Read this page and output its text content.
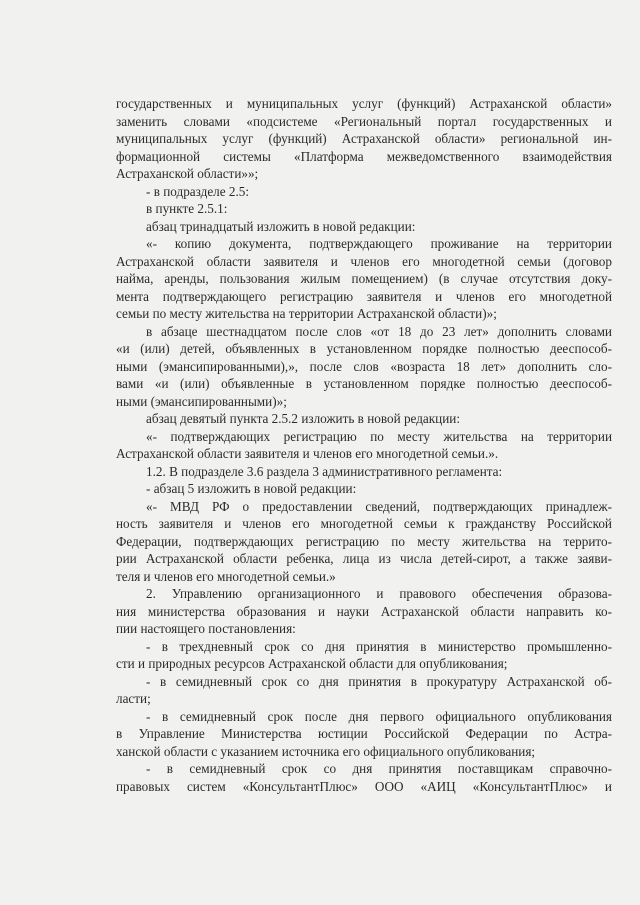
государственных и муниципальных услуг (функций) Астраханской области»
заменить словами «подсистеме «Региональный портал государственных и
муниципальных услуг (функций) Астраханской области» региональной ин-
формационной системы «Платформа межведомственного взаимодействия
Астраханской области»»;
- в подразделе 2.5:
в пункте 2.5.1:
абзац тринадцатый изложить в новой редакции:
«- копию документа, подтверждающего проживание на территории
Астраханской области заявителя и членов его многодетной семьи (договор
найма, аренды, пользования жилым помещением) (в случае отсутствия доку-
мента подтверждающего регистрацию заявителя и членов его многодетной
семьи по месту жительства на территории Астраханской области)»;
в абзаце шестнадцатом после слов «от 18 до 23 лет» дополнить словами
«и (или) детей, объявленных в установленном порядке полностью дееспособ-
ными (эмансипированными),», после слов «возраста 18 лет» дополнить сло-
вами «и (или) объявленные в установленном порядке полностью дееспособ-
ными (эмансипированными)»;
абзац девятый пункта 2.5.2 изложить в новой редакции:
«- подтверждающих регистрацию по месту жительства на территории
Астраханской области заявителя и членов его многодетной семьи.».
1.2. В подразделе 3.6 раздела 3 административного регламента:
- абзац 5 изложить в новой редакции:
«- МВД РФ о предоставлении сведений, подтверждающих принадлеж-
ность заявителя и членов его многодетной семьи к гражданству Российской
Федерации, подтверждающих регистрацию по месту жительства на террито-
рии Астраханской области ребенка, лица из числа детей-сирот, а также заяви-
теля и членов его многодетной семьи.»
2. Управлению организационного и правового обеспечения образова-
ния министерства образования и науки Астраханской области направить ко-
пии настоящего постановления:
- в трехдневный срок со дня принятия в министерство промышленно-
сти и природных ресурсов Астраханской области для опубликования;
- в семидневный срок со дня принятия в прокуратуру Астраханской об-
ласти;
- в семидневный срок после дня первого официального опубликования
в Управление Министерства юстиции Российской Федерации по Астра-
ханской области с указанием источника его официального опубликования;
- в семидневный срок со дня принятия поставщикам справочно-
правовых систем «КонсультантПлюс» ООО «АИЦ «КонсультантПлюс» и
